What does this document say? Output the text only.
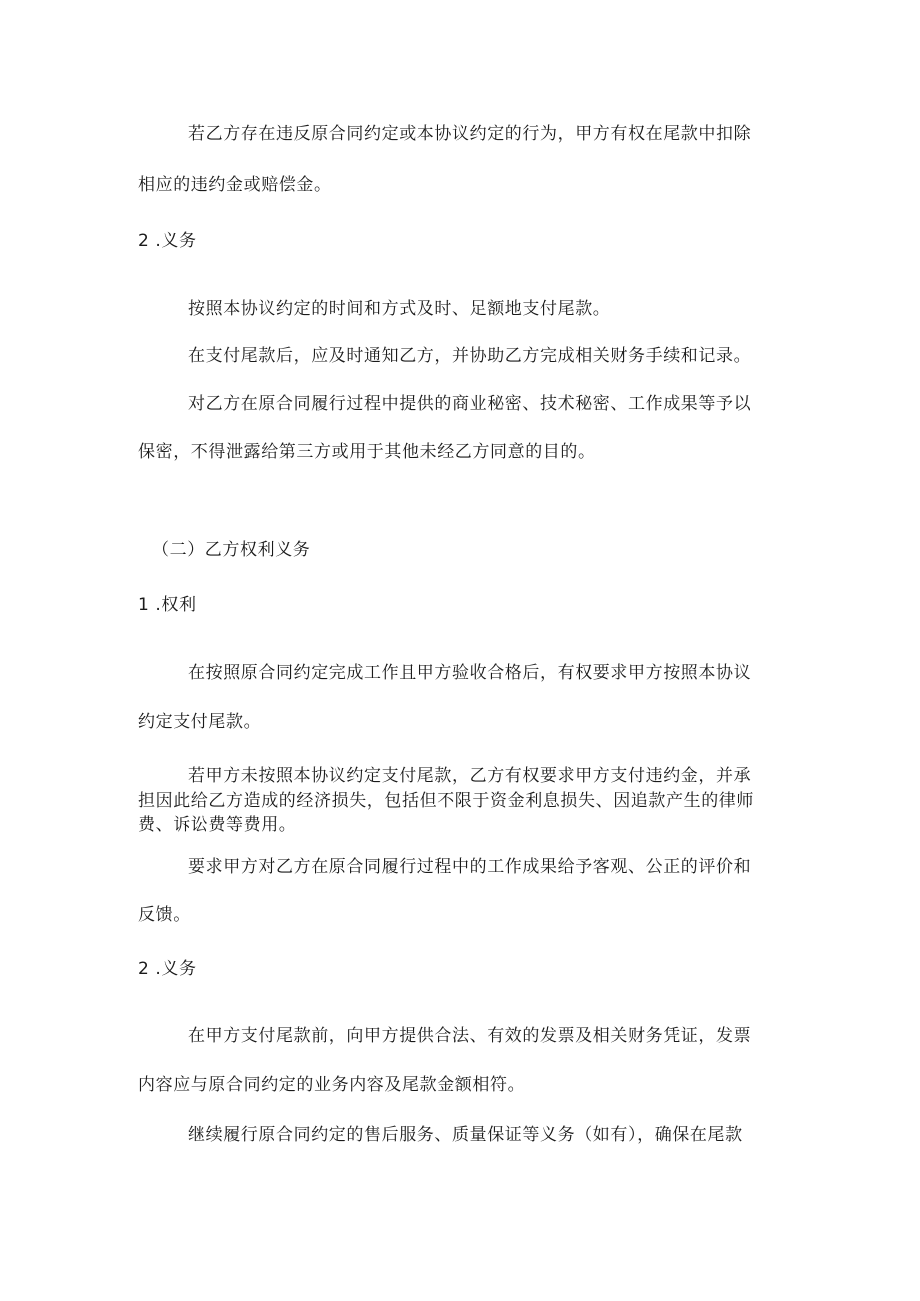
若乙方存在违反原合同约定或本协议约定的行为，甲方有权在尾款中扣除
相应的违约金或赔偿金。
2 .义务
按照本协议约定的时间和方式及时、足额地支付尾款。
在支付尾款后，应及时通知乙方，并协助乙方完成相关财务手续和记录。
对乙方在原合同履行过程中提供的商业秘密、技术秘密、工作成果等予以
保密，不得泄露给第三方或用于其他未经乙方同意的目的。
（二）乙方权利义务
1 .权利
在按照原合同约定完成工作且甲方验收合格后，有权要求甲方按照本协议
约定支付尾款。
若甲方未按照本协议约定支付尾款，乙方有权要求甲方支付违约金，并承
担因此给乙方造成的经济损失，包括但不限于资金利息损失、因追款产生的律师
费、诉讼费等费用。
要求甲方对乙方在原合同履行过程中的工作成果给予客观、公正的评价和
反馈。
2 .义务
在甲方支付尾款前，向甲方提供合法、有效的发票及相关财务凭证，发票
内容应与原合同约定的业务内容及尾款金额相符。
继续履行原合同约定的售后服务、质量保证等义务（如有），确保在尾款
